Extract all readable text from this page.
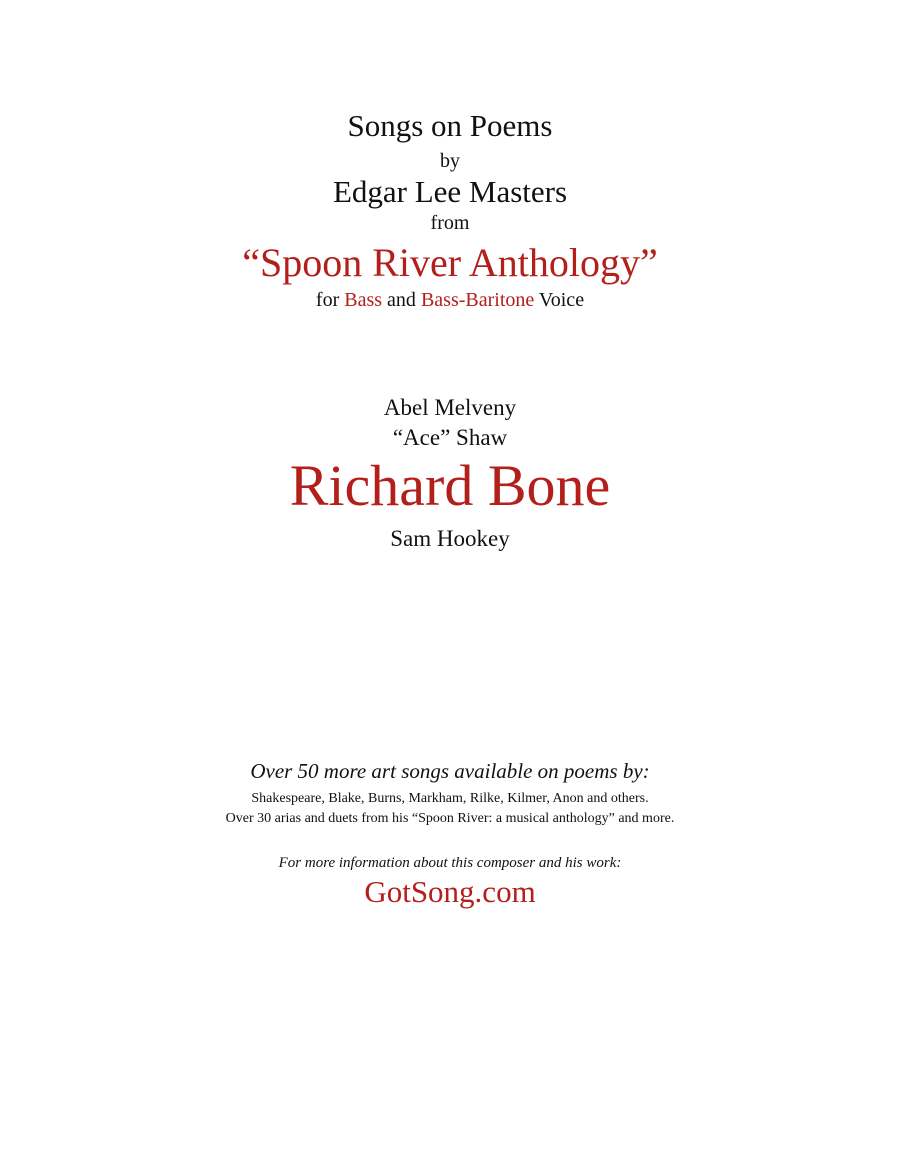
Songs on Poems
by
Edgar Lee Masters
from
“Spoon River Anthology”
for Bass and Bass-Baritone Voice
Abel Melveny
“Ace” Shaw
Richard Bone
Sam Hookey
Over 50 more art songs available on poems by:
Shakespeare, Blake, Burns, Markham, Rilke, Kilmer, Anon and others.
Over 30 arias and duets from his “Spoon River: a musical anthology” and more.
For more information about this composer and his work:
GotSong.com
